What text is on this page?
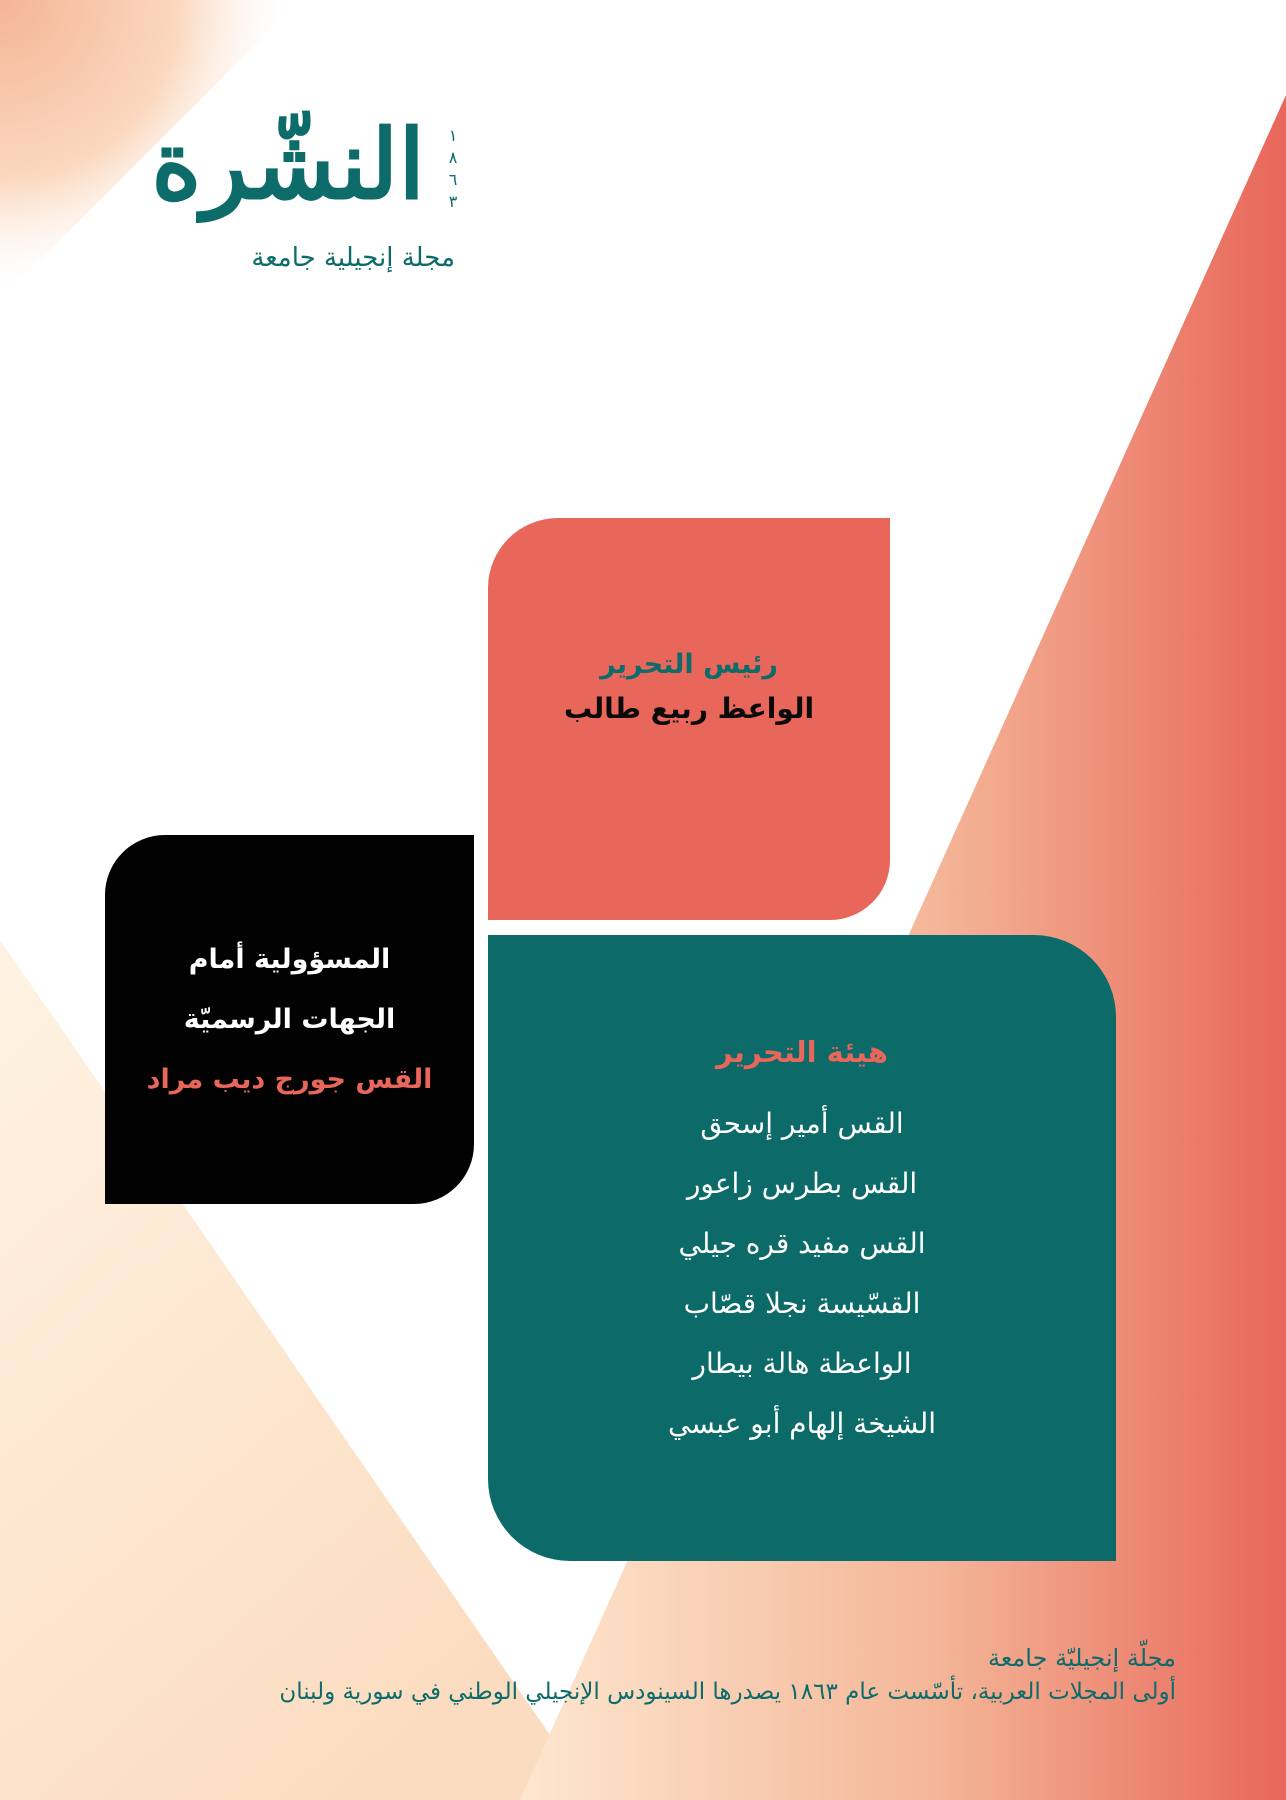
النشّرة	١
٨
٦
٣
مجلة إنجيلية جامعة
رئيس التحرير
الواعظ ربيع طالب
المسؤولية أمام
الجهات الرسميّة
القس جورج ديب مراد
هيئة التحرير
القس أمير إسحق
القس بطرس زاعور
القس مفيد قره جيلي
القسّيسة نجلا قصّاب
الواعظة هالة بيطار
الشيخة إلهام أبو عبسي
مجلّة إنجيليّة جامعة
أولى المجلات العربية، تأسّست عام ١٨٦٣ يصدرها السينودس الإنجيلي الوطني في سورية ولبنان
